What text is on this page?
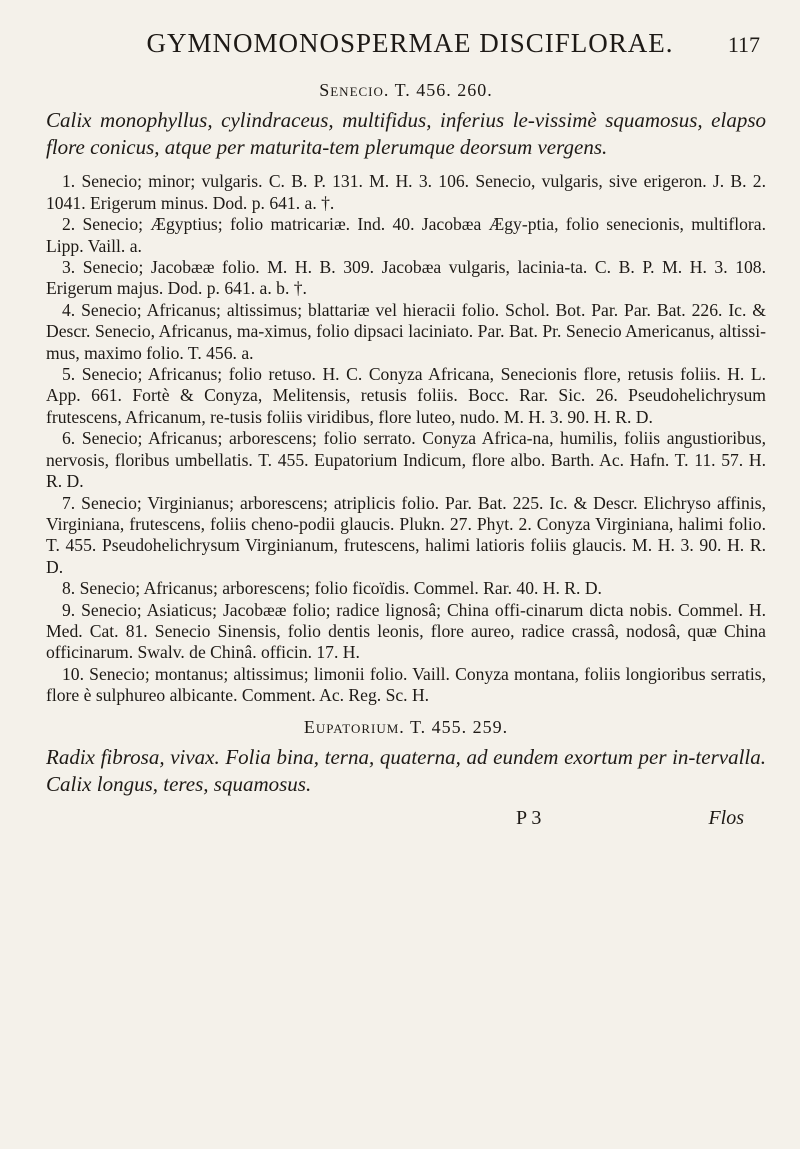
GYMNOMONOSPERMAE DISCIFLORAE.	117
Senecio. T. 456. 260.

Calix monophyllus, cylindraceus, multifidus, inferius le-vissimè squamosus, elapso flore conicus, atque per maturita-tem plerumque deorsum vergens.

1. Senecio; minor; vulgaris. C. B. P. 131. M. H. 3. 106. Senecio, vulgaris, sive erigeron. J. B. 2. 1041. Erigerum minus. Dod. p. 641. a. †.

2. Senecio; Ægyptius; folio matricariæ. Ind. 40. Jacobæa Ægy-ptia, folio senecionis, multiflora. Lipp. Vaill. a.

3. Senecio; Jacobææ folio. M. H. B. 309. Jacobæa vulgaris, lacinia-ta. C. B. P. M. H. 3. 108. Erigerum majus. Dod. p. 641. a. b. †.

4. Senecio; Africanus; altissimus; blattariæ vel hieracii folio. Schol. Bot. Par. Par. Bat. 226. Ic. & Descr. Senecio, Africanus, ma-ximus, folio dipsaci laciniato. Par. Bat. Pr. Senecio Americanus, altissi-mus, maximo folio. T. 456. a.

5. Senecio; Africanus; folio retuso. H. C. Conyza Africana, Senecionis flore, retusis foliis. H. L. App. 661. Fortè & Conyza, Melitensis, retusis foliis. Bocc. Rar. Sic. 26. Pseudohelichrysum frutescens, Africanum, re-tusis foliis viridibus, flore luteo, nudo. M. H. 3. 90. H. R. D.

6. Senecio; Africanus; arborescens; folio serrato. Conyza Africa-na, humilis, foliis angustioribus, nervosis, floribus umbellatis. T. 455. Eupatorium Indicum, flore albo. Barth. Ac. Hafn. T. 11. 57. H. R. D.

7. Senecio; Virginianus; arborescens; atriplicis folio. Par. Bat. 225. Ic. & Descr. Elichryso affinis, Virginiana, frutescens, foliis cheno-podii glaucis. Plukn. 27. Phyt. 2. Conyza Virginiana, halimi folio. T. 455. Pseudohelichrysum Virginianum, frutescens, halimi latioris foliis glaucis. M. H. 3. 90. H. R. D.

8. Senecio; Africanus; arborescens; folio ficoïdis. Commel. Rar. 40. H. R. D.

9. Senecio; Asiaticus; Jacobææ folio; radice lignosâ; China offi-cinarum dicta nobis. Commel. H. Med. Cat. 81. Senecio Sinensis, folio dentis leonis, flore aureo, radice crassâ, nodosâ, quæ China officinarum. Swalv. de Chinâ. officin. 17. H.

10. Senecio; montanus; altissimus; limonii folio. Vaill. Conyza montana, foliis longioribus serratis, flore è sulphureo albicante. Comment. Ac. Reg. Sc. H.

Eupatorium. T. 455. 259.

Radix fibrosa, vivax. Folia bina, terna, quaterna, ad eundem exortum per in-tervalla. Calix longus, teres, squamosus.

P 3	Flos
